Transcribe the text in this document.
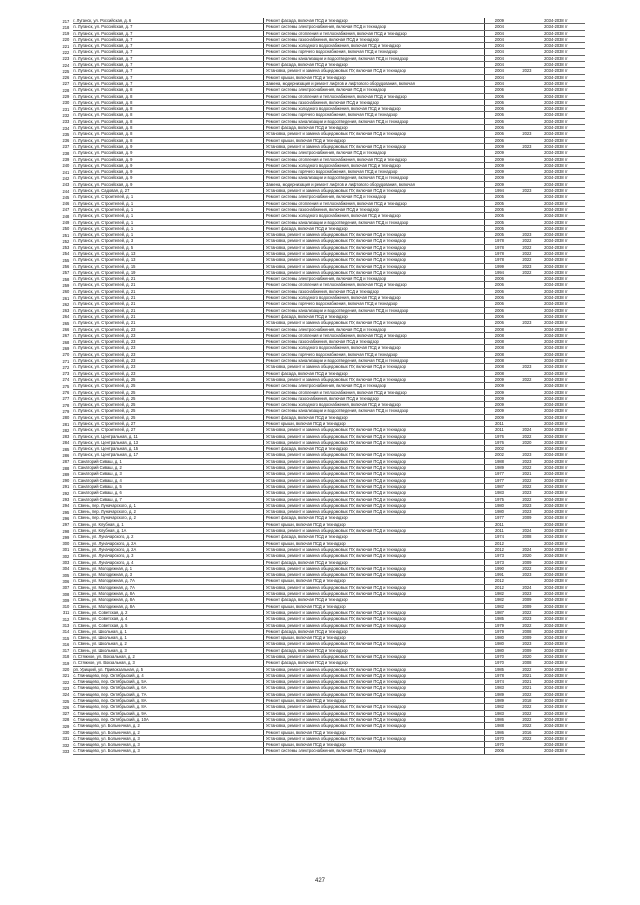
217	г. Луганск, ул. Российская, д. 6	Ремонт фасада, включая ПСД и технадзор		2009		2034-2038 гг
218	п. Луганск, ул. Российская, д. 7	Ремонт системы электроснабжения, включая ПСД и технадзор		2004		2034-2038 гг
219	п. Луганск, ул. Российская, д. 7	Ремонт системы отопления и теплоснабжения, включая ПСД и технадзор		2004		2034-2038 гг
220	п. Луганск, ул. Российская, д. 7	Ремонт системы газоснабжения, включая ПСД и технадзор		2004		2034-2038 гг
221	п. Луганск, ул. Российская, д. 7	Ремонт системы холодного водоснабжения, включая ПСД и технадзор		2004		2034-2038 гг
222	п. Луганск, ул. Российская, д. 7	Ремонт системы горячего водоснабжения, включая ПСД и технадзор		2004		2034-2038 гг
223	п. Луганск, ул. Российская, д. 7	Ремонт системы канализации и водоотведения, включая ПСД и технадзор		2004		2034-2038 гг
224	п. Луганск, ул. Российская, д. 7	Ремонт фасада, включая ПСД и технадзор		2004		2034-2038 гг
225	п. Луганск, ул. Российская, д. 7	Установка, ремонт и замена общедомовых ПУ, включая ПСД и технадзор		2004	2023	2034-2038 гг
226	п. Луганск, ул. Российская, д. 7	Ремонт крыши, включая ПСД и технадзор		2004		2034-2038 гг
227	п. Луганск, ул. Российская, д. 7	Замена, модернизация и ремонт лифтов и лифтового оборудования, включая		2004		2034-2038 гг
228	п. Луганск, ул. Российская, д. 8	Ремонт системы электроснабжения, включая ПСД и технадзор		2006		2034-2038 гг
229	п. Луганск, ул. Российская, д. 8	Ремонт системы отопления и теплоснабжения, включая ПСД и технадзор		2006		2034-2038 гг
230	п. Луганск, ул. Российская, д. 8	Ремонт системы газоснабжения, включая ПСД и технадзор		2006		2034-2038 гг
231	п. Луганск, ул. Российская, д. 8	Ремонт системы холодного водоснабжения, включая ПСД и технадзор		2006		2034-2038 гг
232	п. Луганск, ул. Российская, д. 8	Ремонт системы горячего водоснабжения, включая ПСД и технадзор		2006		2034-2038 гг
233	п. Луганск, ул. Российская, д. 8	Ремонт системы канализации и водоотведения, включая ПСД и технадзор		2006		2034-2038 гг
234	п. Луганск, ул. Российская, д. 8	Ремонт фасада, включая ПСД и технадзор		2006		2034-2038 гг
235	п. Луганск, ул. Российская, д. 8	Установка, ремонт и замена общедомовых ПУ, включая ПСД и технадзор		2006	2023	2034-2038 гг
236	п. Луганск, ул. Российская, д. 8	Ремонт крыши, включая ПСД и технадзор		2006		2034-2038 гг
237	п. Луганск, ул. Российская, д. 9	Установка, ремонт и замена общедомовых ПУ, включая ПСД и технадзор		2009	2023	2034-2038 гг
238	п. Луганск, ул. Российская, д. 9	Ремонт системы электроснабжения, включая ПСД и технадзор		2009		2034-2038 гг
239	п. Луганск, ул. Российская, д. 9	Ремонт системы отопления и теплоснабжения, включая ПСД и технадзор		2009		2034-2038 гг
240	п. Луганск, ул. Российская, д. 9	Ремонт системы холодного водоснабжения, включая ПСД и технадзор		2009		2034-2038 гг
241	п. Луганск, ул. Российская, д. 9	Ремонт системы горячего водоснабжения, включая ПСД и технадзор		2009		2034-2038 гг
242	п. Луганск, ул. Российская, д. 9	Ремонт системы канализации и водоотведения, включая ПСД и технадзор		2009		2034-2038 гг
243	п. Луганск, ул. Российская, д. 9	Замена, модернизация и ремонт лифтов и лифтового оборудования, включая		2009		2034-2038 гг
244	п. Луганск, ул. Садовая, д. 27	Установка, ремонт и замена общедомовых ПУ, включая ПСД и технадзор		1994	2023	2034-2038 гг
245	п. Луганск, ул. Строителей, д. 1	Ремонт системы электроснабжения, включая ПСД и технадзор		2005		2034-2038 гг
246	п. Луганск, ул. Строителей, д. 1	Ремонт системы отопления и теплоснабжения, включая ПСД и технадзор		2005		2034-2038 гг
247	п. Луганск, ул. Строителей, д. 1	Ремонт системы газоснабжения, включая ПСД и технадзор		2005		2034-2038 гг
248	п. Луганск, ул. Строителей, д. 1	Ремонт системы холодного водоснабжения, включая ПСД и технадзор		2005		2034-2038 гг
249	п. Луганск, ул. Строителей, д. 1	Ремонт системы канализации и водоотведения, включая ПСД и технадзор		2005		2034-2038 гг
250	п. Луганск, ул. Строителей, д. 1	Ремонт фасада, включая ПСД и технадзор		2005		2034-2038 гг
251	п. Луганск, ул. Строителей, д. 1	Установка, ремонт и замена общедомовых ПУ, включая ПСД и технадзор		2005	2023	2034-2038 гг
252	п. Луганск, ул. Строителей, д. 3	Установка, ремонт и замена общедомовых ПУ, включая ПСД и технадзор		1978	2022	2034-2038 гг
253	п. Луганск, ул. Строителей, д. 5	Установка, ремонт и замена общедомовых ПУ, включая ПСД и технадзор		1978	2022	2034-2038 гг
254	п. Луганск, ул. Строителей, д. 13	Установка, ремонт и замена общедомовых ПУ, включая ПСД и технадзор		1978	2022	2034-2038 гг
255	п. Луганск, ул. Строителей, д. 13	Установка, ремонт и замена общедомовых ПУ, включая ПСД и технадзор		1978	2022	2034-2038 гг
256	п. Луганск, ул. Строителей, д. 15	Установка, ремонт и замена общедомовых ПУ, включая ПСД и технадзор		1999	2023	2034-2038 гг
257	п. Луганск, ул. Строителей, д. 19	Установка, ремонт и замена общедомовых ПУ, включая ПСД и технадзор		1994	2022	2034-2038 гг
258	п. Луганск, ул. Строителей, д. 21	Ремонт системы электроснабжения, включая ПСД и технадзор		2006		2034-2038 гг
259	п. Луганск, ул. Строителей, д. 21	Ремонт системы отопления и теплоснабжения, включая ПСД и технадзор		2006		2034-2038 гг
260	п. Луганск, ул. Строителей, д. 21	Ремонт системы газоснабжения, включая ПСД и технадзор		2006		2034-2038 гг
261	п. Луганск, ул. Строителей, д. 21	Ремонт системы холодного водоснабжения, включая ПСД и технадзор		2006		2034-2038 гг
262	п. Луганск, ул. Строителей, д. 21	Ремонт системы горячего водоснабжения, включая ПСД и технадзор		2006		2034-2038 гг
263	п. Луганск, ул. Строителей, д. 21	Ремонт системы канализации и водоотведения, включая ПСД и технадзор		2006		2034-2038 гг
264	п. Луганск, ул. Строителей, д. 21	Ремонт фасада, включая ПСД и технадзор		2006		2034-2038 гг
265	п. Луганск, ул. Строителей, д. 21	Установка, ремонт и замена общедомовых ПУ, включая ПСД и технадзор		2006	2023	2034-2038 гг
266	п. Луганск, ул. Строителей, д. 23	Ремонт системы электроснабжения, включая ПСД и технадзор		2008		2034-2038 гг
267	п. Луганск, ул. Строителей, д. 23	Ремонт системы отопления и теплоснабжения, включая ПСД и технадзор		2008		2034-2038 гг
268	п. Луганск, ул. Строителей, д. 23	Ремонт системы газоснабжения, включая ПСД и технадзор		2008		2034-2038 гг
269	п. Луганск, ул. Строителей, д. 23	Ремонт системы холодного водоснабжения, включая ПСД и технадзор		2008		2034-2038 гг
270	п. Луганск, ул. Строителей, д. 23	Ремонт системы горячего водоснабжения, включая ПСД и технадзор		2008		2034-2038 гг
271	п. Луганск, ул. Строителей, д. 23	Ремонт системы канализации и водоотведения, включая ПСД и технадзор		2008		2034-2038 гг
272	п. Луганск, ул. Строителей, д. 23	Установка, ремонт и замена общедомовых ПУ, включая ПСД и технадзор		2008	2023	2034-2038 гг
273	п. Луганск, ул. Строителей, д. 23	Ремонт фасада, включая ПСД и технадзор		2008		2034-2038 гг
274	п. Луганск, ул. Строителей, д. 25	Установка, ремонт и замена общедомовых ПУ, включая ПСД и технадзор		2009	2022	2034-2038 гг
275	п. Луганск, ул. Строителей, д. 25	Ремонт системы электроснабжения, включая ПСД и технадзор		2009		2034-2038 гг
276	п. Луганск, ул. Строителей, д. 25	Ремонт системы отопления и теплоснабжения, включая ПСД и технадзор		2009		2034-2038 гг
277	п. Луганск, ул. Строителей, д. 25	Ремонт системы газоснабжения, включая ПСД и технадзор		2009		2034-2038 гг
278	п. Луганск, ул. Строителей, д. 25	Ремонт системы холодного водоснабжения, включая ПСД и технадзор		2009		2034-2038 гг
279	п. Луганск, ул. Строителей, д. 25	Ремонт системы канализации и водоотведения, включая ПСД и технадзор		2009		2034-2038 гг
280	п. Луганск, ул. Строителей, д. 25	Ремонт фасада, включая ПСД и технадзор		2009		2034-2038 гг
281	п. Луганск, ул. Строителей, д. 27	Ремонт крыши, включая ПСД и технадзор		2011		2034-2038 гг
282	п. Луганск, ул. Строителей, д. 27	Установка, ремонт и замена общедомовых ПУ, включая ПСД и технадзор		2011	2024	2034-2038 гг
283	п. Луганск, ул. Центральная, д. 11	Установка, ремонт и замена общедомовых ПУ, включая ПСД и технадзор		1976	2022	2034-2038 гг
284	п. Луганск, ул. Центральная, д. 13	Установка, ремонт и замена общедомовых ПУ, включая ПСД и технадзор		1976	2020	2034-2038 гг
285	п. Луганск, ул. Центральная, д. 15	Ремонт фасада, включая ПСД и технадзор		2002		2034-2038 гг
286	п. Луганск, ул. Центральная, д. 17	Установка, ремонт и замена общедомовых ПУ, включая ПСД и технадзор		2002	2023	2034-2038 гг
287	п. Санаторий Сиваш, д. 1	Установка, ремонт и замена общедомовых ПУ, включая ПСД и технадзор		1988	2023	2034-2038 гг
288	п. Санаторий Сиваш, д. 2	Установка, ремонт и замена общедомовых ПУ, включая ПСД и технадзор		1989	2022	2034-2038 гг
289	п. Санаторий Сиваш, д. 3	Установка, ремонт и замена общедомовых ПУ, включая ПСД и технадзор		1977	2021	2034-2038 гг
290	п. Санаторий Сиваш, д. 4	Установка, ремонт и замена общедомовых ПУ, включая ПСД и технадзор		1977	2022	2034-2038 гг
291	п. Санаторий Сиваш, д. 5	Установка, ремонт и замена общедомовых ПУ, включая ПСД и технадзор		1987	2022	2034-2038 гг
292	п. Санаторий Сиваш, д. 6	Установка, ремонт и замена общедомовых ПУ, включая ПСД и технадзор		1983	2023	2034-2038 гг
293	п. Санаторий Сиваш, д. 7	Установка, ремонт и замена общедомовых ПУ, включая ПСД и технадзор		1975	2022	2034-2038 гг
294	п. Свень, пер. Луначарского, д. 1	Установка, ремонт и замена общедомовых ПУ, включая ПСД и технадзор		1980	2023	2034-2038 гг
295	п. Свень, пер. Луначарского, д. 2	Установка, ремонт и замена общедомовых ПУ, включая ПСД и технадзор		1980	2023	2034-2038 гг
296	п. Свень, пер. Луначарского, д. 2	Ремонт фасада, включая ПСД и технадзор		1977	2009	2034-2038 гг
297	п. Свень, ул. Клубная, д. 1	Ремонт крыши, включая ПСД и технадзор		2011		2034-2038 гг
298	п. Свень, ул. Клубная, д. 1А	Установка, ремонт и замена общедомовых ПУ, включая ПСД и технадзор		2011	2024	2034-2038 гг
299	п. Свень, ул. Луначарского, д. 2	Ремонт фасада, включая ПСД и технадзор		1974	2008	2034-2038 гг
300	п. Свень, ул. Луначарского, д. 2А	Ремонт крыши, включая ПСД и технадзор		2012		2034-2038 гг
301	п. Свень, ул. Луначарского, д. 2А	Установка, ремонт и замена общедомовых ПУ, включая ПСД и технадзор		2012	2024	2034-2038 гг
302	п. Свень, ул. Луначарского, д. 3	Установка, ремонт и замена общедомовых ПУ, включая ПСД и технадзор		1973	2020	2034-2038 гг
303	п. Свень, ул. Луначарского, д. 4	Ремонт фасада, включая ПСД и технадзор		1973	2009	2034-2038 гг
304	п. Свень, ул. Молодежная, д. 1	Установка, ремонт и замена общедомовых ПУ, включая ПСД и технадзор		1990	2022	2034-2038 гг
305	п. Свень, ул. Молодежная, д. 3	Установка, ремонт и замена общедомовых ПУ, включая ПСД и технадзор		1991	2023	2034-2038 гг
306	п. Свень, ул. Молодежная, д. 7А	Ремонт крыши, включая ПСД и технадзор		2012		2034-2038 гг
307	п. Свень, ул. Молодежная, д. 7А	Установка, ремонт и замена общедомовых ПУ, включая ПСД и технадзор		2012	2024	2034-2038 гг
308	п. Свень, ул. Молодежная, д. 8А	Установка, ремонт и замена общедомовых ПУ, включая ПСД и технадзор		1982	2023	2034-2038 гг
309	п. Свень, ул. Молодежная, д. 8А	Ремонт фасада, включая ПСД и технадзор		1982	2009	2034-2038 гг
310	п. Свень, ул. Молодежная, д. 8А	Ремонт крыши, включая ПСД и технадзор		1982	2009	2034-2038 гг
311	п. Свень, ул. Советская, д. 2	Установка, ремонт и замена общедомовых ПУ, включая ПСД и технадзор		1987	2022	2034-2038 гг
312	п. Свень, ул. Советская, д. 4	Установка, ремонт и замена общедомовых ПУ, включая ПСД и технадзор		1985	2023	2034-2038 гг
313	п. Свень, ул. Советская, д. 5	Установка, ремонт и замена общедомовых ПУ, включая ПСД и технадзор		1979	2022	2034-2038 гг
314	п. Свень, ул. Школьная, д. 1	Ремонт фасада, включая ПСД и технадзор		1979	2008	2034-2038 гг
315	п. Свень, ул. Школьная, д. 1	Ремонт крыши, включая ПСД и технадзор		1980	2009	2034-2038 гг
316	п. Свень, ул. Школьная, д. 2	Установка, ремонт и замена общедомовых ПУ, включая ПСД и технадзор		1980	2023	2034-2038 гг
317	п. Свень, ул. Школьная, д. 3	Ремонт фасада, включая ПСД и технадзор		1980	2009	2034-2038 гг
318	п. Стяжное, ул. Вокзальная, д. 2	Установка, ремонт и замена общедомовых ПУ, включая ПСД и технадзор		1970	2020	2034-2038 гг
319	п. Стяжное, ул. Вокзальная, д. 3	Ремонт фасада, включая ПСД и технадзор		1970	2008	2034-2038 гг
320	рп. Урицкий, ул. Привокзальная, д. 5	Установка, ремонт и замена общедомовых ПУ, включая ПСД и технадзор		1985	2022	2034-2038 гг
321	с. Глинищево, пер. Октябрьский, д. 4	Установка, ремонт и замена общедомовых ПУ, включая ПСД и технадзор		1978	2021	2034-2038 гг
322	с. Глинищево, пер. Октябрьский, д. 5А	Установка, ремонт и замена общедомовых ПУ, включая ПСД и технадзор		1974	2021	2034-2038 гг
323	с. Глинищево, пер. Октябрьский, д. 6А	Установка, ремонт и замена общедомовых ПУ, включая ПСД и технадзор		1983	2021	2034-2038 гг
324	с. Глинищево, пер. Октябрьский, д. 7А	Установка, ремонт и замена общедомовых ПУ, включая ПСД и технадзор		1989	2022	2034-2038 гг
325	с. Глинищево, пер. Октябрьский, д. 8А	Ремонт крыши, включая ПСД и технадзор		1989	2018	2034-2038 гг
326	с. Глинищево, пер. Октябрьский, д. 8А	Установка, ремонт и замена общедомовых ПУ, включая ПСД и технадзор		1982	2022	2034-2038 гг
327	с. Глинищево, пер. Октябрьский, д. 9А	Установка, ремонт и замена общедомовых ПУ, включая ПСД и технадзор		1983	2022	2034-2038 гг
328	с. Глинищево, пер. Октябрьский, д. 10А	Установка, ремонт и замена общедомовых ПУ, включая ПСД и технадзор		1986	2022	2034-2038 гг
329	с. Глинищево, ул. Больничная, д. 2	Установка, ремонт и замена общедомовых ПУ, включая ПСД и технадзор		1988	2022	2034-2038 гг
330	с. Глинищево, ул. Больничная, д. 2	Ремонт крыши, включая ПСД и технадзор		1986	2016	2034-2038 гг
331	с. Глинищево, ул. Больничная, д. 3	Установка, ремонт и замена общедомовых ПУ, включая ПСД и технадзор		1970	2022	2034-2038 гг
332	с. Глинищево, ул. Больничная, д. 3	Ремонт крыши, включая ПСД и технадзор		1970		2034-2038 гг
333	с. Глинищево, ул. Больничная, д. 3	Ремонт системы электроснабжения, включая ПСД и технадзор		2006		2034-2038 гг
427
